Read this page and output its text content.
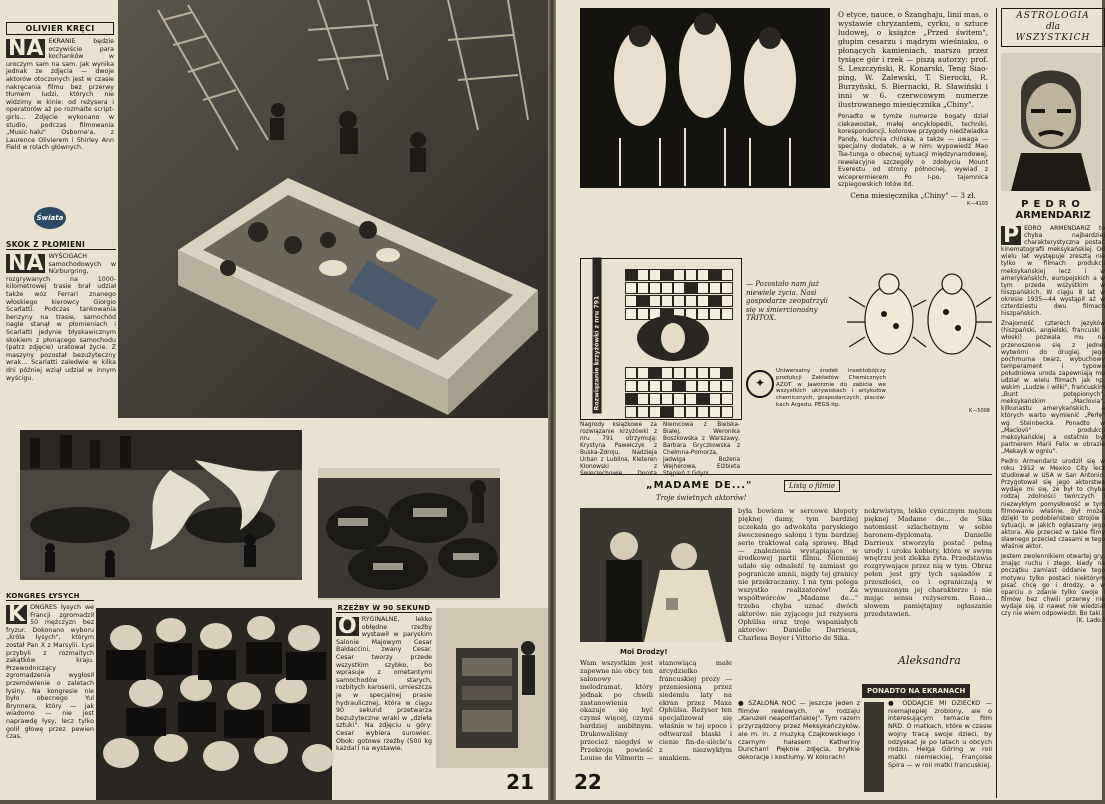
OLIVIER KRĘCI

NA EKRANIE będzie oczywiście para kochanków w uroczym sam na sam. Jak wynika jednak ze zdjęcia — dwoje aktorów otoczonych jest w czasie nakręcania filmu bez przerwy tłumem ludzi, których nie widzimy w kinie: od reżysera i operatorów aż po rozmaite script-girls... Zdjęcie wykonano w studio, podczas filmowania „Music-halu" Osborne'a, z Laurence Olivierem i Shirley Ann Field w rolach głównych.

Świata
SKOK Z PŁOMIENI

NA WYŚCIGACH samochodowych w Nürburgring, rozgrywanych na 1000-kilometrowej trasie brał udział także wóz Ferrari znanego włoskiego kierowcy Giorgio Scarlatti. Podczas tankowania benzyny na trasie, samochód nagle stanął w płomieniach i Scarlatti jedynie błyskawicznym skokiem z płonącego samochodu (patrz zdjęcie) uratował życie. Z maszyny pozostał bezużyteczny wrak... Scarlatti zaledwie w kilka dni później wziął udział w innym wyścigu.

KONGRES ŁYSYCH

K ONGRES łysych we Francji zgromadził 50 mężczyzn bez fryzur. Dokonano wyboru „króla łysych", którym został Pan X z Marsylii. Łysi przybyli z rozmaitych zakątków kraju. Przewodniczący zgromadzenia wygłosił przemówienie o zaletach łysiny. Na kongresie nie było obecnego Yul Brynnera, który — jak wiadomo — nie jest naprawdę łysy, lecz tylko golił głowę przez pewien czas.

RZEŹBY W 90 SEKUND

O RYGINALNE, lekko obłędne rzeźby wystawił w paryskim Salonie Majowym Cesar Baldaccini, zwany Cesar. Cesar tworzy przede wszystkim szybko, bo wprasuje z ometantymi samochodów starych, rozbitych karoserii, umieszcza je w specjalnej prasie hydraulicznej, która w ciągu 90 sekund przetwarza bezużyteczne wraki w „dzieła sztuki". Na zdjęciu u góry: Cesar wybiera surowiec. Obok: gotowe rzeźby (500 kg każda!) na wystawie.

21

O etyce, nauce, o Szanghaju, linii mas, o wystawie chryzantem, cyrku, o sztuce ludowej, o książce „Przed świtem", głupim cesarzu i mądrym wieśniaku, o płonących kamieniach, marszu przez tysiące gór i rzek — piszą autorzy: prof. S. Leszczyński, R. Konarski, Teng Siao-ping, W. Zalewski, T. Sierocki, R. Burzyński, S. Biernacki, R. Sławiński i inni w 6. czerwcowym numerze ilustrowanego miesięcznika „Chiny".

Ponadto w tymże numerze bogaty dział ciekawostek, małej encyklopedii, techniki, korespondencji, kolorowe przygody niedźwiadka Pandy, kuchnia chińska, a także — uwaga — specjalny dodatek, a w nim: wypowiedź Mao Tse-tunga o obecnej sytuacji międzynarodowej, rewelacyjne szczegóły o zdobyciu Mount Everestu od strony północnej, wywiad z wiceprermierem Po I-po, tajemnica szpiegowskich lotów itd.

Cena miesięcznika „Chiny" — 3 zł.

K—4103
Rozwiązanie krzyżówki z nru 791

Nagrody książkowe za rozwiązanie krzyżówki z nru 791 otrzymują: Krystyna Pawełczyk z Buska-Zdroju, Nadzieja Urban z Lublina, Kleteren Klonowski z Niemcowa z Bielska-Białej, Weronika Boszkowska z Warszawy, Barbara Gryczkowska z Chełmna-Pomorza, Jadwiga Bożena Wejherowa, Elżbieta

— Pozostało nam już niewiele życia. Nasi gospodarze zeopatrzyli się w śmiercionośny TRITOX.

✦

Uniwersalny środek insektobójczy produkcji Zakładów Chemicznych AZOT w Jaworznie do zabicia we wszystkich ukrywiskach i artykułów chemicznych, gospodarczych, piaców-kach Argedu, PEGS itp.

K—5008
ASTROLOGIA
dla
WSZYSTKICH
PEDRO
ARMENDARIZ

P EDRO ARMENDARIZ to chyba najbardziej charakterystyczna postać kinematografii meksykańskiej. Od wielu lat występuje zresztą nie tylko w filmach produkcji meksykańskiej lecz i w amerykańskich, europejskich a w tym przede wszystkim w hiszpańskich. W ciągu 8 lat w okresie 1935—44 wystąpił aż w czterdziestu dwu filmach hiszpańskich.

Znajomość czterech języków (hiszpański, angielski, francuski i włoski) pozwala mu na przenoszenie się z jednej wytwórni do drugiej. Jego pochmurna twarz, wybuchowy temperament i typowo południowa uroda zapewniają mu udział w wielu filmach jak np. wskim „Ludzie i wilki", francuskim „Bunt potępionych", meksykańskim „Maclovia", kilkunastu amerykańskich, a których warto wymienić „Perłę" wg Steinbecka. Ponadto w „Maclovii" produkcji meksykańskiej a ostatnio był partnerem Marii Felix w obrazie „Mekayk w ogniu".

Pedro Armendariz urodził się w roku 1912 w Mexico City lecz studiował w USA w San Antonio. Przygotował się jego aktorstwa wydaje mi się, że był to chyba rodzaj zdolności twórczych i niezwykłym pomysłowość w tym filmowaniu właśnie. Był może, dzięki to podobieństwo strojów i sytuacji, w jakich ogłaszany jego aktora. Ale przecież w takie filmy sławnego przecież czasami w tego właśnie aktor.

Jestem zwolennikiem otwartej gry, znając ruchu i złego, kiedy na początku zamiast oddanie tego motywu tylko postaci niektórym pisać chcę go i drodzy, a w oparciu o zdanie tylko swoje i filmów bez chwili przerwy nie wydaje się, iż nawet nie wiedział czy nie wiem odpowiedzi. Bo taki.

(K. Lado.)
„MADAME DE..."
Troje świetnych aktorów!
Listą o filmie
Moi Drodzy!

Wam wszystkim jest zapewne nie obcy ten salonowy melodramat, który jednak po chwili zastanowienia okazuje się być czymś więcej, czymś bardziej ambitnym. Drukowaliśmy przecież niegdyś w Przekroju powieść Louise de Vilmorin — stanowiącą małe arcydziełko francuskiej prozy — przeniesioną przez siedemlu laty na ekran przez Maxa Ophülsa. Reżyser ten specjalizował się właśnie w tej epoce i odtwarzał blaski i cienie fin-de-siècle'u z niezwykłym smakiem.

była bowiem w sercowe kłopoty pięknej damy, tym bardziej uczekała go adwokata paryskiego śweczesnego sałonu i tym bardziej serie traktował całą sprawę. Błąd — znalezienia wystąpiające w środkowej partii filmu. Niemniej udało się odnaleźć tę zamiast go pogranicze amnii, nigdy tej granicy nie przekraczamy. I na tym polega wszystko realizatorów! Za współtwórców „Madame de..." trzeba chyba uznać dwóch aktorów: nie zyjącego już reżysera Ophülsa oraz troje wspaniałych aktorów: Danielle Darrieux, Charlesa Boyer i Vittorio de Sika.

nokrwistym, lekko cynicznym mężem pięknej Madame de... de Sika natomiast szlachetnym w sobie baronem-dyplomatą. Danielle Darrieux stworzyła postać pełną urody i uroku kobiety, która w swym wnętrzu jest zlekka żyta. Przedstawia rozgrywające przez nią w tym. Obraz pełen jest gry tych sąsiadów z przeszłości, co i ograniczają w wymuszonym jej charakterze i nie mając sensu reżyserem. Rasa... słowem pamiętajmy ogłaszanie przedstawień.

Aleksandra
PONADTO NA EKRANACH

● SZALONA NOC — jeszcze jeden z filmów rewiowych, w rodzaju „Karuzeli neapolitańskiej". Tym razem przyrządzony przez Meksykańczyków, ale m. in. z muzyką Czajkowskiego i czarnym hałasem Katheriny Dunchan! Pięknie zdjęcia, bryłkie dekoracje i kostiumy. W kolorach!

● ODDAJCIE MI DZIECKO — niemajlepiej zrobiony, ale o interesującym temacie film NRD. O matkach, które w czasie wojny tracą swoje dzieci, by odzyskać je po latach u obcych rodzin. Helga Göring w roli matki niemieckiej, Françoise Spira — w roli matki francuskiej.

22
